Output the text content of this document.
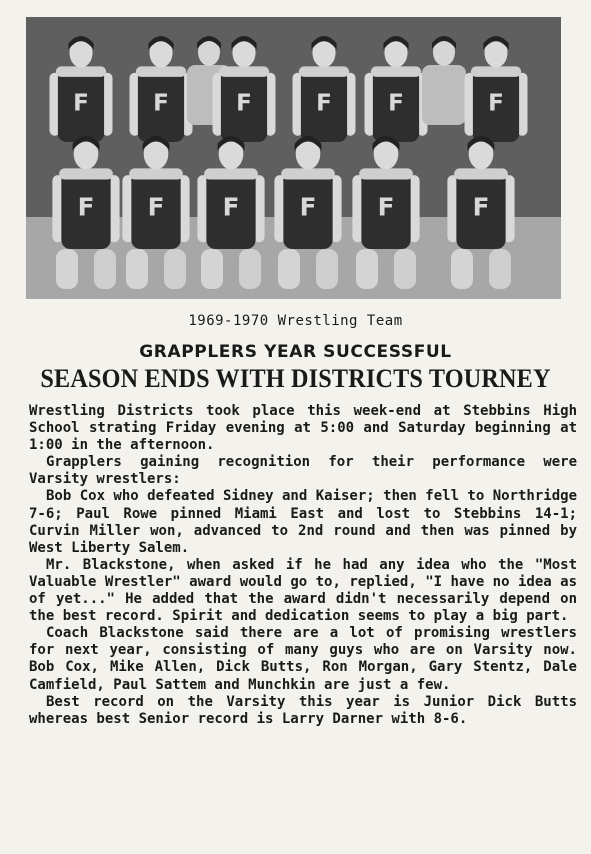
F	F	F	F F	F
F F F F F	F
1969-1970 Wrestling Team
GRAPPLERS YEAR SUCCESSFUL
SEASON ENDS WITH DISTRICTS TOURNEY

Wrestling Districts took place this week-end at Stebbins High School strating Friday evening at 5:00 and Saturday beginning at 1:00 in the afternoon.

Grapplers gaining recognition for their performance were Varsity wrestlers:

Bob Cox who defeated Sidney and Kaiser; then fell to Northridge 7-6; Paul Rowe pinned Miami East and lost to Stebbins 14-1; Curvin Miller won, advanced to 2nd round and then was pinned by West Liberty Salem.

Mr. Blackstone, when asked if he had any idea who the "Most Valuable Wrestler" award would go to, replied, "I have no idea as of yet..." He added that the award didn't necessarily depend on the best record. Spirit and dedication seems to play a big part.

Coach Blackstone said there are a lot of promising wrestlers for next year, consisting of many guys who are on Varsity now. Bob Cox, Mike Allen, Dick Butts, Ron Morgan, Gary Stentz, Dale Camfield, Paul Sattem and Munchkin are just a few.

Best record on the Varsity this year is Junior Dick Butts whereas best Senior record is Larry Darner with 8-6.
